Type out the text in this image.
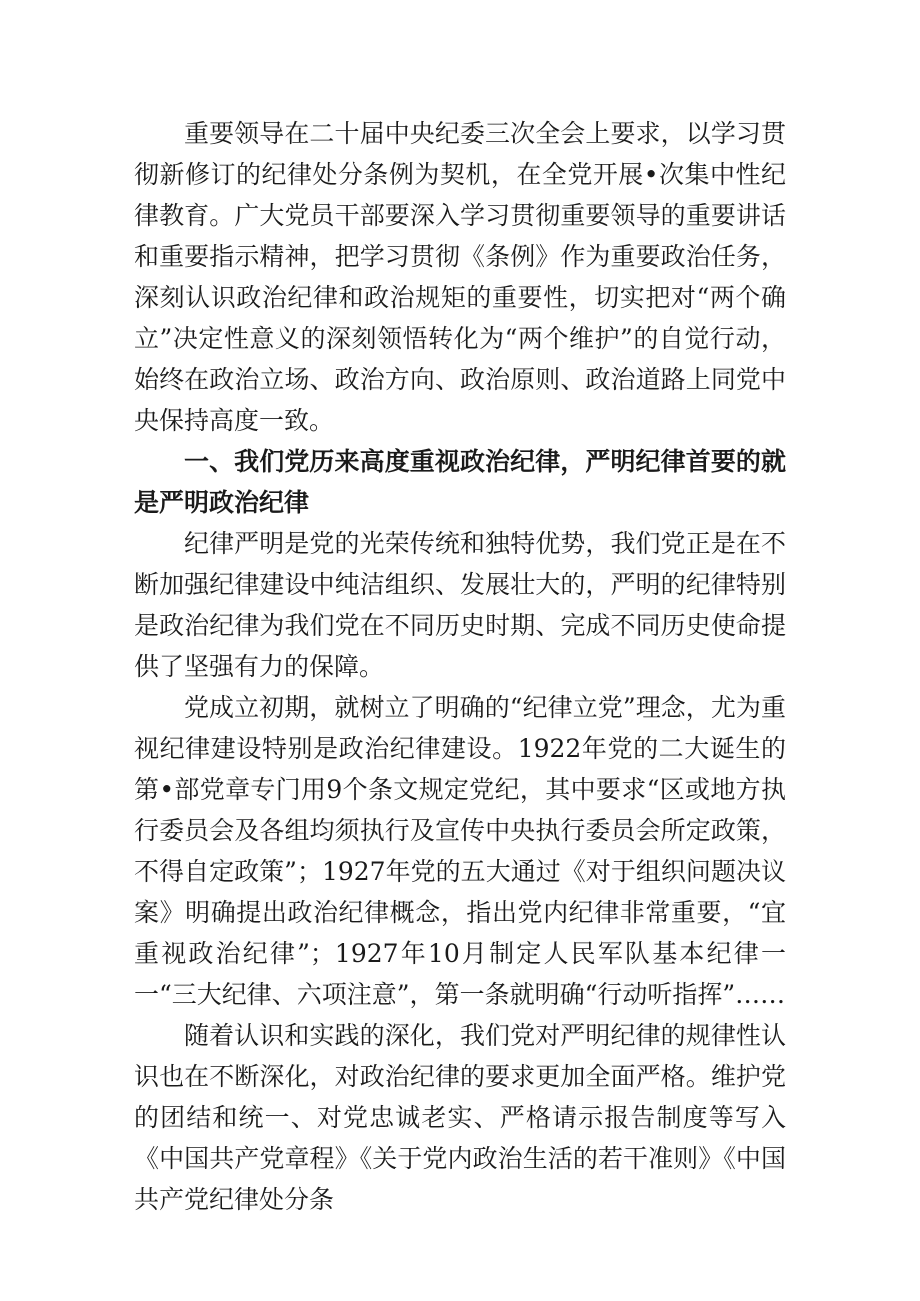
重要领导在二十届中央纪委三次全会上要求，以学习贯彻新修订的纪律处分条例为契机，在全党开展•次集中性纪律教育。广大党员干部要深入学习贯彻重要领导的重要讲话和重要指示精神，把学习贯彻《条例》作为重要政治任务，深刻认识政治纪律和政治规矩的重要性，切实把对“两个确立”决定性意义的深刻领悟转化为“两个维护”的自觉行动，始终在政治立场、政治方向、政治原则、政治道路上同党中央保持高度一致。

一、我们党历来高度重视政治纪律，严明纪律首要的就是严明政治纪律

纪律严明是党的光荣传统和独特优势，我们党正是在不断加强纪律建设中纯洁组织、发展壮大的，严明的纪律特别是政治纪律为我们党在不同历史时期、完成不同历史使命提供了坚强有力的保障。

党成立初期，就树立了明确的“纪律立党”理念，尤为重视纪律建设特别是政治纪律建设。1922年党的二大诞生的第•部党章专门用9个条文规定党纪，其中要求“区或地方执行委员会及各组均须执行及宣传中央执行委员会所定政策，不得自定政策”；1927年党的五大通过《对于组织问题决议案》明确提出政治纪律概念，指出党内纪律非常重要，“宜重视政治纪律”；1927年10月制定人民军队基本纪律一一“三大纪律、六项注意”，第一条就明确“行动听指挥”……

随着认识和实践的深化，我们党对严明纪律的规律性认识也在不断深化，对政治纪律的要求更加全面严格。维护党的团结和统一、对党忠诚老实、严格请示报告制度等写入《中国共产党章程》《关于党内政治生活的若干准则》《中国共产党纪律处分条
